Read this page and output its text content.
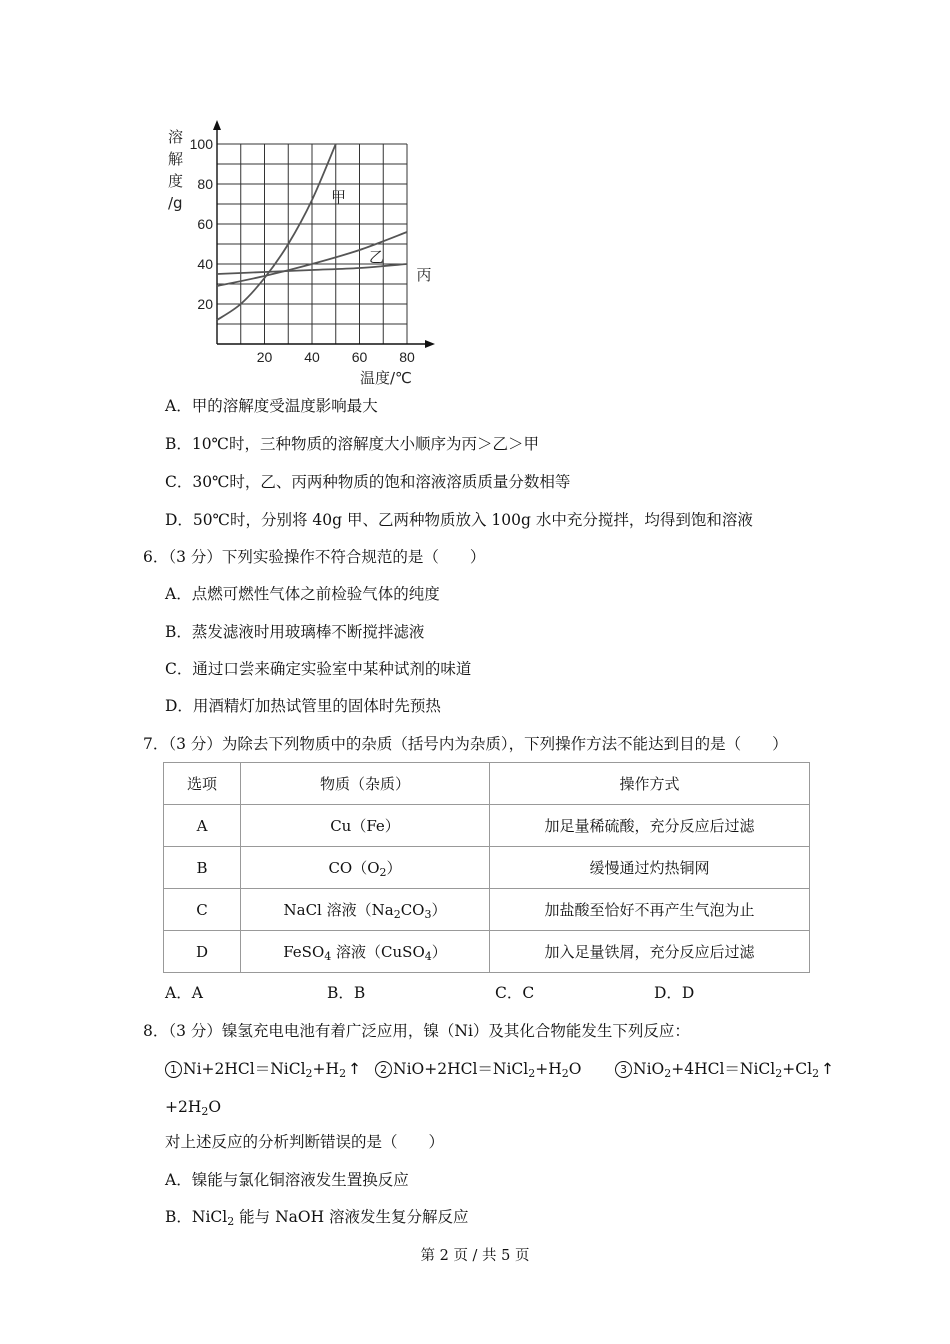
溶
解
度
/g
温度/℃
20
40
60
80
100
20 40 60 80
甲
乙
丙
A．甲的溶解度受温度影响最大
B．10℃时，三种物质的溶解度大小顺序为丙＞乙＞甲
C．30℃时，乙、丙两种物质的饱和溶液溶质质量分数相等
D．50℃时，分别将 40g 甲、乙两种物质放入 100g 水中充分搅拌，均得到饱和溶液
6．（3 分）下列实验操作不符合规范的是（　　）
A．点燃可燃性气体之前检验气体的纯度
B．蒸发滤液时用玻璃棒不断搅拌滤液
C．通过口尝来确定实验室中某种试剂的味道
D．用酒精灯加热试管里的固体时先预热
7．（3 分）为除去下列物质中的杂质（括号内为杂质），下列操作方法不能达到目的是（　　）
选项	物质（杂质）	操作方式
A	Cu（Fe）	加足量稀硫酸，充分反应后过滤
B	$CO(O_2)$	缓慢通过灼热铜网
C	NaCl 溶液$(Na_2CO_3)$	加盐酸至恰好不再产生气泡为止
D	FeSO$_4$ 溶液（CuSO$_4$）	加入足量铁屑，充分反应后过滤
A．A	B．B	C．C	D．D
8．（3 分）镍氢充电电池有着广泛应用，镍（Ni）及其化合物能发生下列反应：
1 $Ni+2HCl=NiCl_2+H_2$ ↑	2 $NiO+2HCl=NiCl_2+H_2O$	3 $NiO_2+4HCl=NiCl_2+Cl_2$ ↑
$+2H_2O$
对上述反应的分析判断错误的是（　　）
A．镍能与氯化铜溶液发生置换反应
B．NiCl$_2$ 能与 NaOH 溶液发生复分解反应
第 2 页 / 共 5 页
